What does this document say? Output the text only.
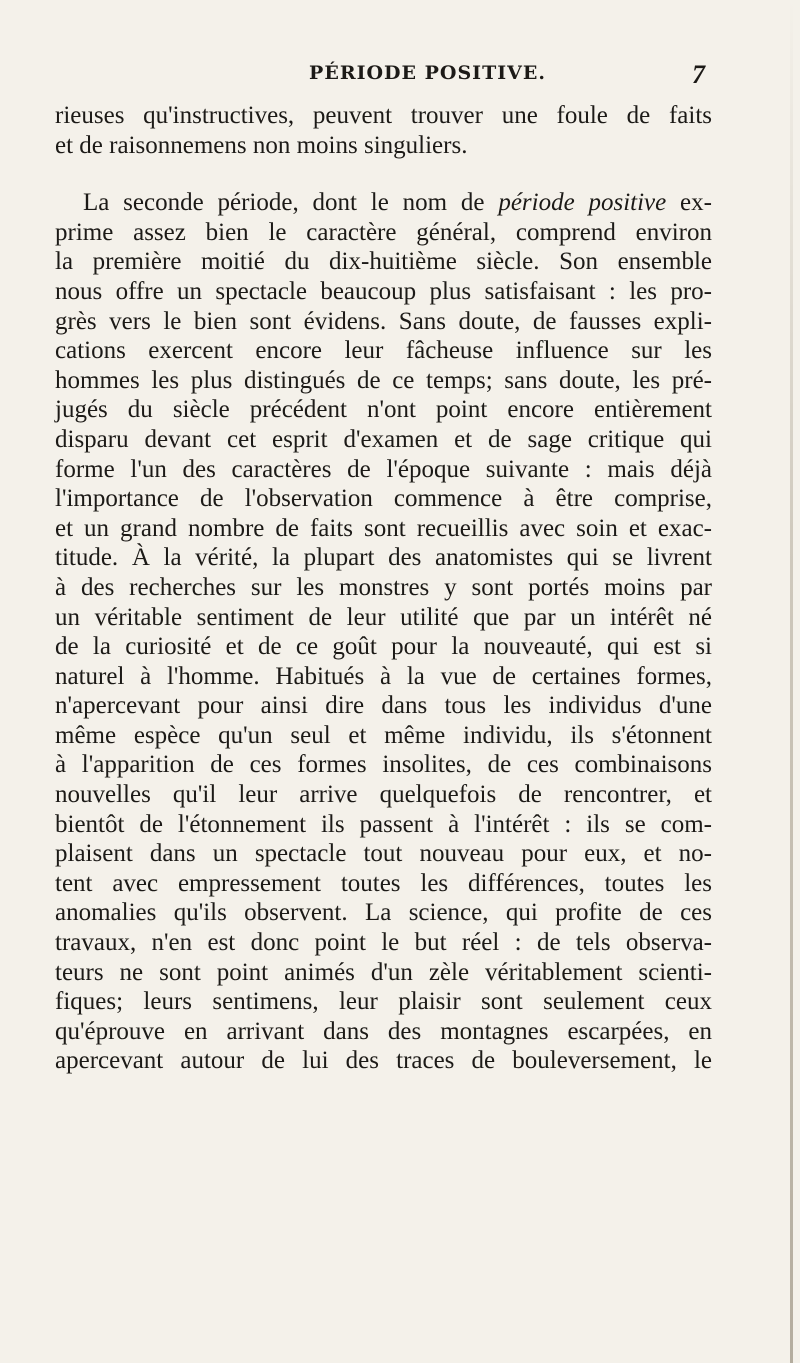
PÉRIODE POSITIVE.	7
rieuses qu'instructives, peuvent trouver une foule de faits
et de raisonnemens non moins singuliers.
La seconde période, dont le nom de période positive ex-
prime assez bien le caractère général, comprend environ
la première moitié du dix-huitième siècle. Son ensemble
nous offre un spectacle beaucoup plus satisfaisant : les pro-
grès vers le bien sont évidens. Sans doute, de fausses expli-
cations exercent encore leur fâcheuse influence sur les
hommes les plus distingués de ce temps; sans doute, les pré-
jugés du siècle précédent n'ont point encore entièrement
disparu devant cet esprit d'examen et de sage critique qui
forme l'un des caractères de l'époque suivante : mais déjà
l'importance de l'observation commence à être comprise,
et un grand nombre de faits sont recueillis avec soin et exac-
titude. À la vérité, la plupart des anatomistes qui se livrent
à des recherches sur les monstres y sont portés moins par
un véritable sentiment de leur utilité que par un intérêt né
de la curiosité et de ce goût pour la nouveauté, qui est si
naturel à l'homme. Habitués à la vue de certaines formes,
n'apercevant pour ainsi dire dans tous les individus d'une
même espèce qu'un seul et même individu, ils s'étonnent
à l'apparition de ces formes insolites, de ces combinaisons
nouvelles qu'il leur arrive quelquefois de rencontrer, et
bientôt de l'étonnement ils passent à l'intérêt : ils se com-
plaisent dans un spectacle tout nouveau pour eux, et no-
tent avec empressement toutes les différences, toutes les
anomalies qu'ils observent. La science, qui profite de ces
travaux, n'en est donc point le but réel : de tels observa-
teurs ne sont point animés d'un zèle véritablement scienti-
fiques; leurs sentimens, leur plaisir sont seulement ceux
qu'éprouve en arrivant dans des montagnes escarpées, en
apercevant autour de lui des traces de bouleversement, le
